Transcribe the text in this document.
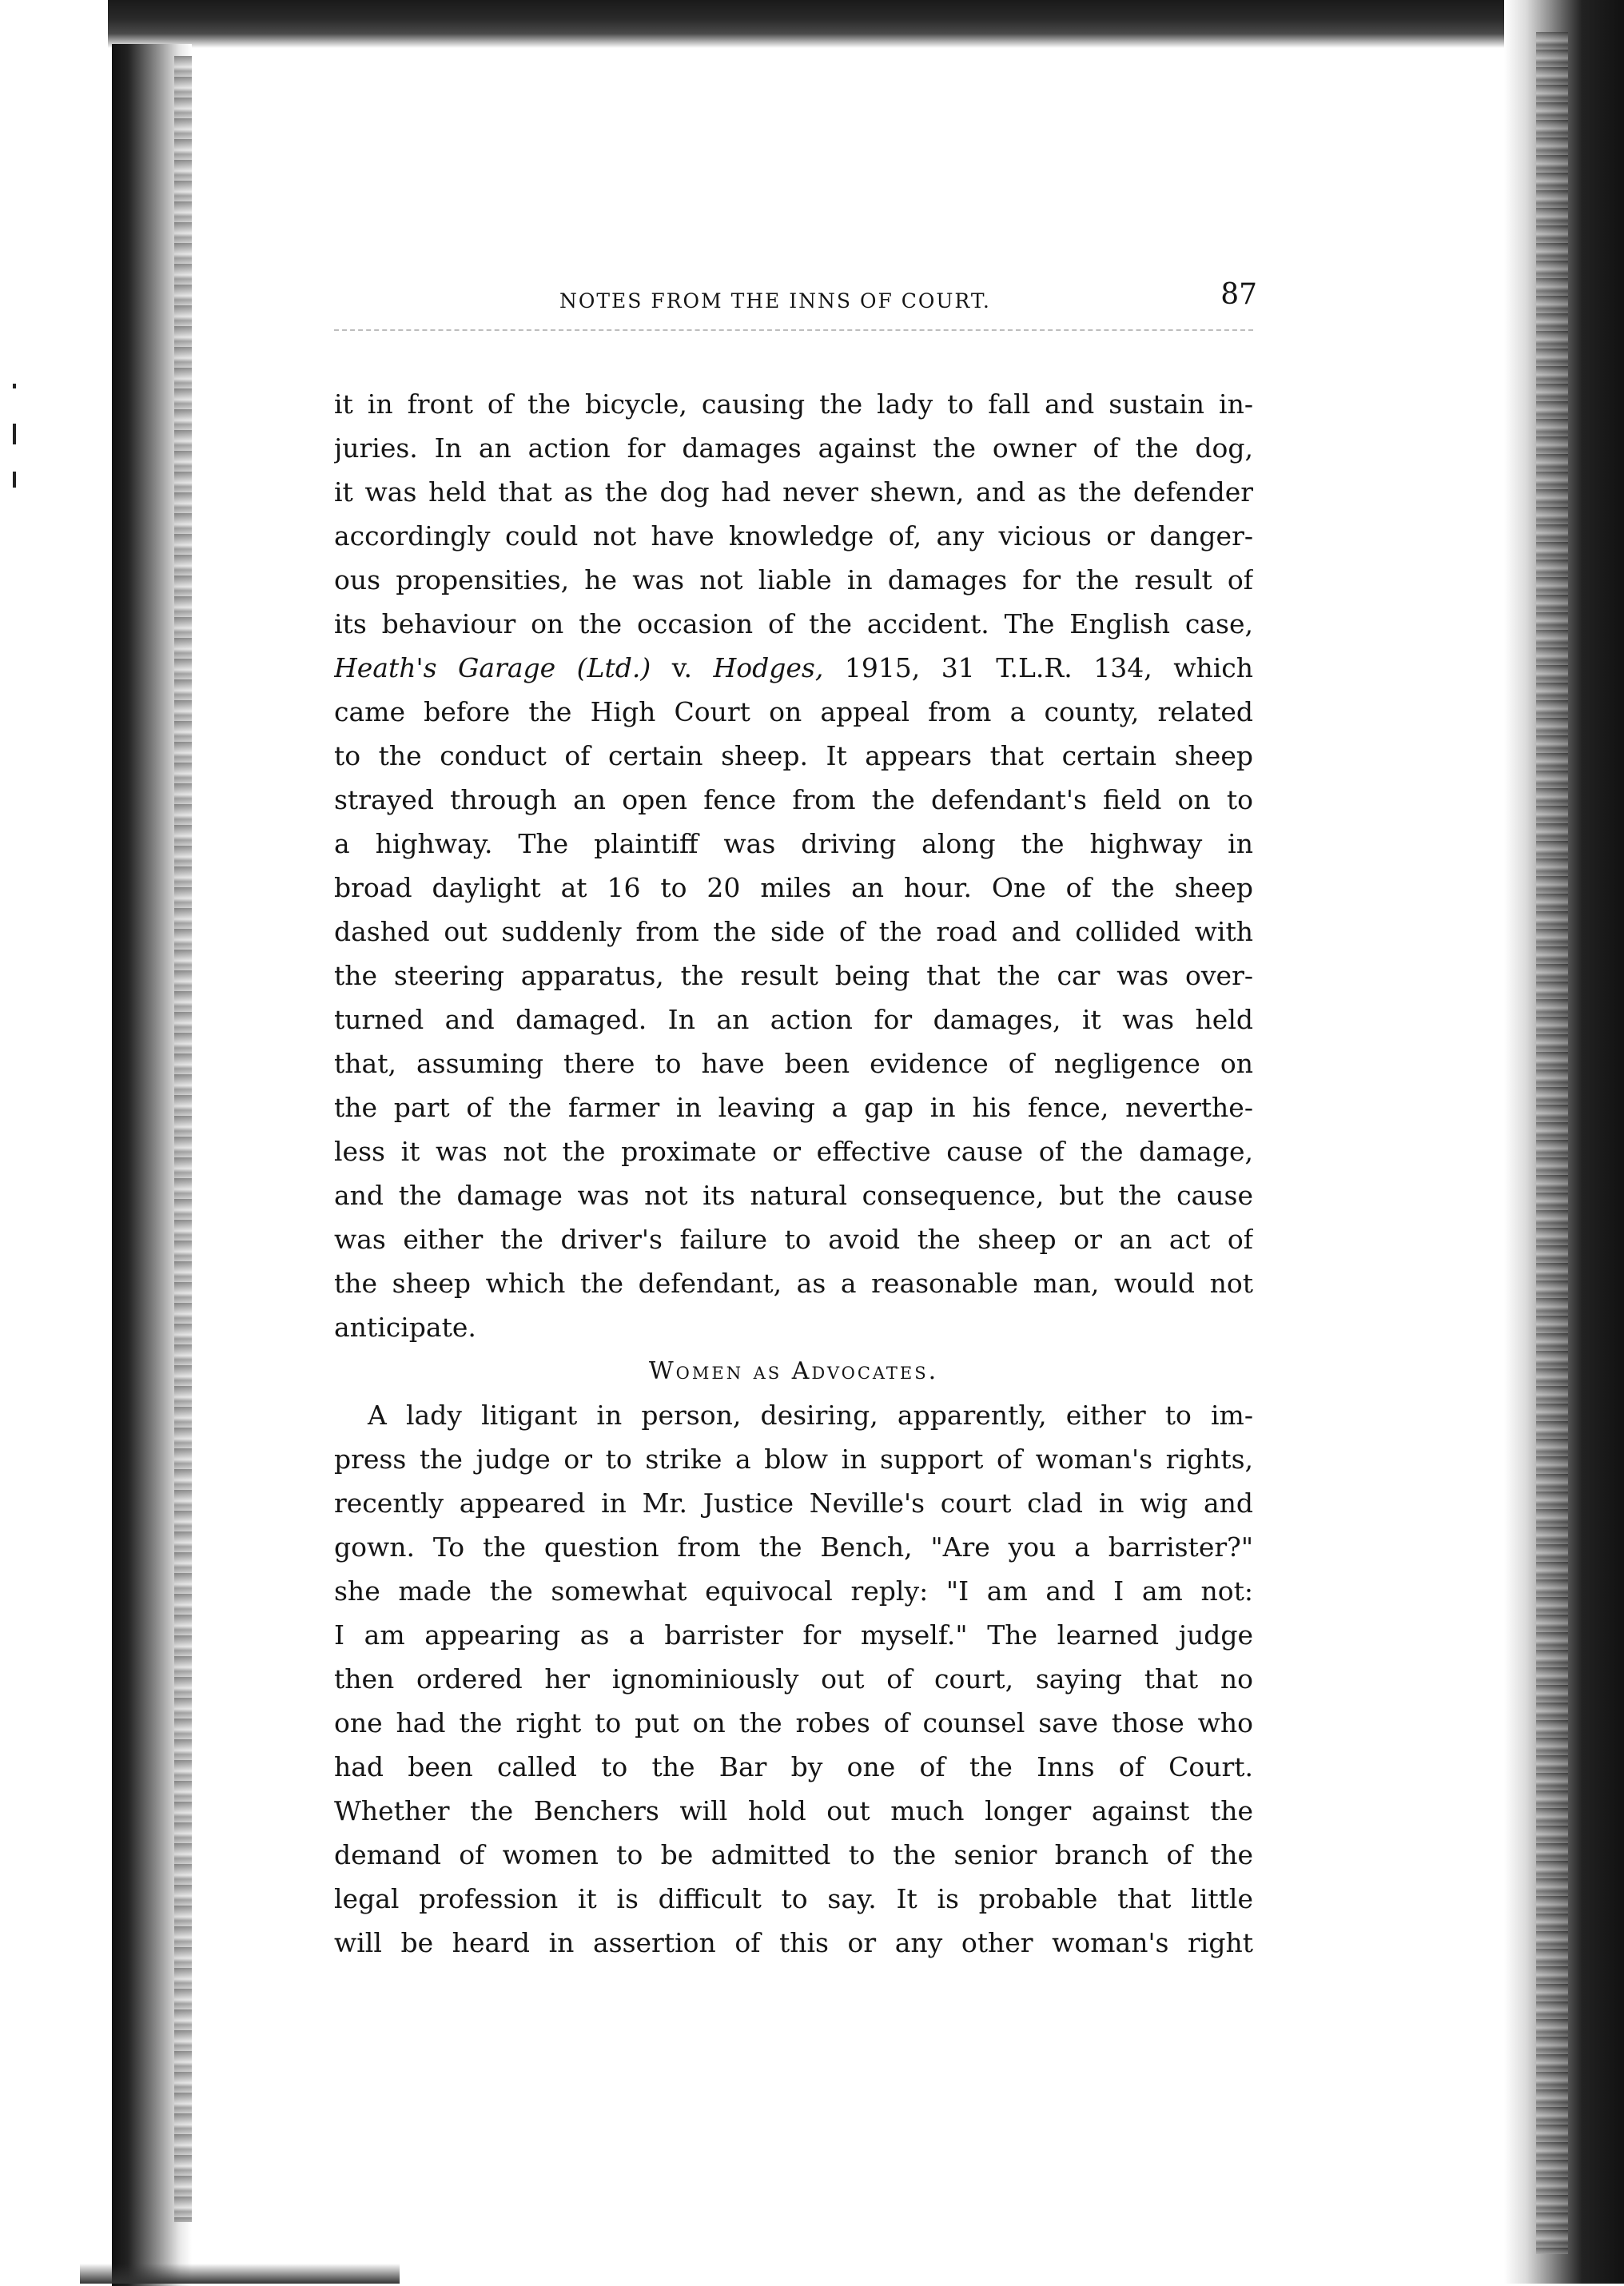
NOTES FROM THE INNS OF COURT.	87
it in front of the bicycle, causing the lady to fall and sustain in-
juries. In an action for damages against the owner of the dog,
it was held that as the dog had never shewn, and as the defender
accordingly could not have knowledge of, any vicious or danger-
ous propensities, he was not liable in damages for the result of
its behaviour on the occasion of the accident. The English case,
Heath's Garage (Ltd.) v. Hodges, 1915, 31 T.L.R. 134, which
came before the High Court on appeal from a county, related
to the conduct of certain sheep. It appears that certain sheep
strayed through an open fence from the defendant's field on to
a highway. The plaintiff was driving along the highway in
broad daylight at 16 to 20 miles an hour. One of the sheep
dashed out suddenly from the side of the road and collided with
the steering apparatus, the result being that the car was over-
turned and damaged. In an action for damages, it was held
that, assuming there to have been evidence of negligence on
the part of the farmer in leaving a gap in his fence, neverthe-
less it was not the proximate or effective cause of the damage,
and the damage was not its natural consequence, but the cause
was either the driver's failure to avoid the sheep or an act of
the sheep which the defendant, as a reasonable man, would not
anticipate.
Women as Advocates.
A lady litigant in person, desiring, apparently, either to im-
press the judge or to strike a blow in support of woman's rights,
recently appeared in Mr. Justice Neville's court clad in wig and
gown. To the question from the Bench, "Are you a barrister?"
she made the somewhat equivocal reply: "I am and I am not:
I am appearing as a barrister for myself." The learned judge
then ordered her ignominiously out of court, saying that no
one had the right to put on the robes of counsel save those who
had been called to the Bar by one of the Inns of Court.
Whether the Benchers will hold out much longer against the
demand of women to be admitted to the senior branch of the
legal profession it is difficult to say. It is probable that little
will be heard in assertion of this or any other woman's right
